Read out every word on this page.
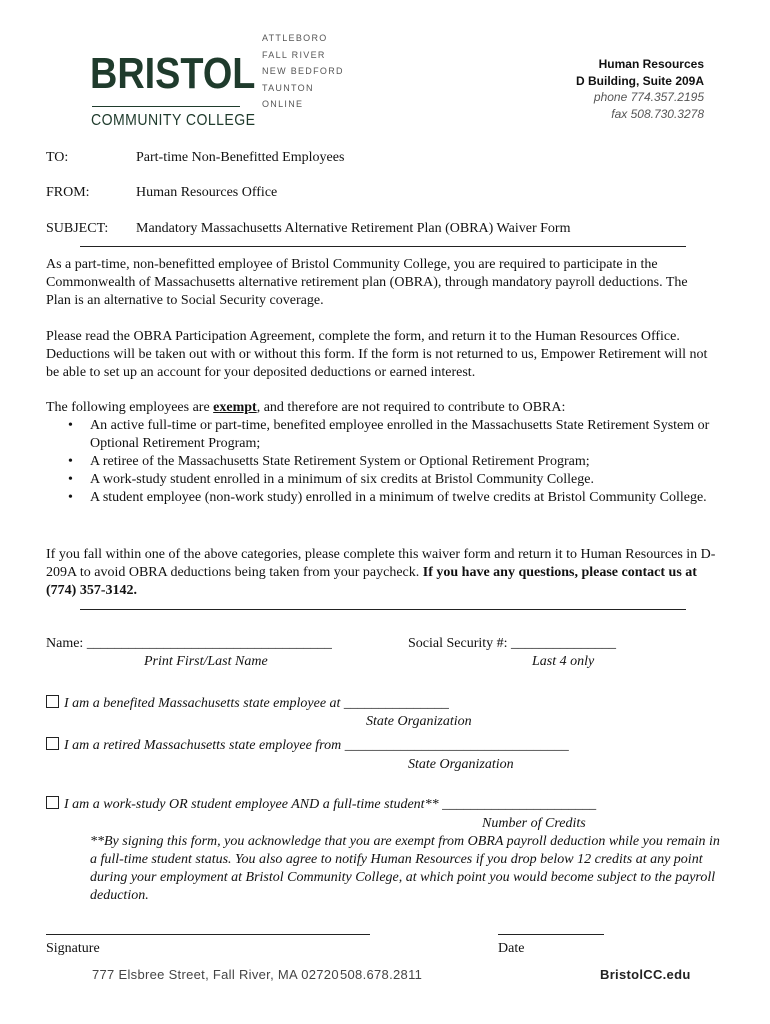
BRISTOL
COMMUNITY COLLEGE
ATTLEBORO
FALL RIVER
NEW BEDFORD
TAUNTON
ONLINE
Human Resources
D Building, Suite 209A
phone 774.357.2195
fax 508.730.3278
TO:	Part-time Non-Benefitted Employees
FROM:	Human Resources Office
SUBJECT: Mandatory Massachusetts Alternative Retirement Plan (OBRA) Waiver Form
As a part-time, non-benefitted employee of Bristol Community College, you are required to participate in the Commonwealth of Massachusetts alternative retirement plan (OBRA), through mandatory payroll deductions. The Plan is an alternative to Social Security coverage.
Please read the OBRA Participation Agreement, complete the form, and return it to the Human Resources Office. Deductions will be taken out with or without this form. If the form is not returned to us, Empower Retirement will not be able to set up an account for your deposited deductions or earned interest.
The following employees are exempt, and therefore are not required to contribute to OBRA:
• An active full-time or part-time, benefited employee enrolled in the Massachusetts State Retirement System or Optional Retirement Program;
• A retiree of the Massachusetts State Retirement System or Optional Retirement Program;
• A work-study student enrolled in a minimum of six credits at Bristol Community College.
• A student employee (non-work study) enrolled in a minimum of twelve credits at Bristol Community College.
If you fall within one of the above categories, please complete this waiver form and return it to Human Resources in D-209A to avoid OBRA deductions being taken from your paycheck. If you have any questions, please contact us at (774) 357-3142.
Name: ___________________________________
Print First/Last Name
Social Security #: _______________
Last 4 only
I am a benefited Massachusetts state employee at _______________
State Organization
I am a retired Massachusetts state employee from ________________________________
State Organization
I am a work-study OR student employee AND a full-time student** ______________________
Number of Credits
**By signing this form, you acknowledge that you are exempt from OBRA payroll deduction while you remain in a full-time student status. You also agree to notify Human Resources if you drop below 12 credits at any point during your employment at Bristol Community College, at which point you would become subject to the payroll deduction.
Signature	Date
777 Elsbree Street, Fall River, MA 02720 508.678.2811	BristolCC.edu
